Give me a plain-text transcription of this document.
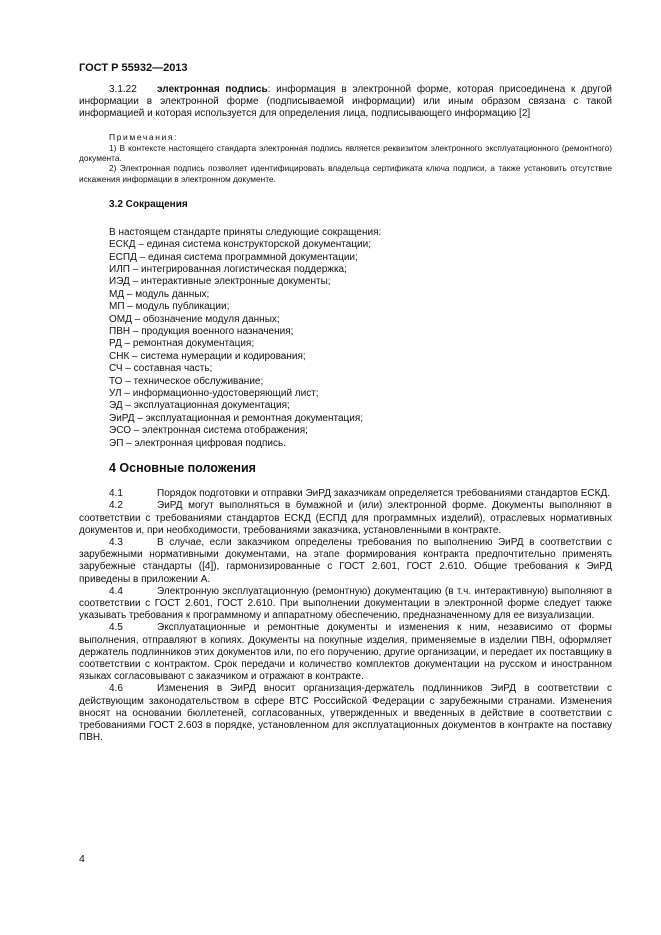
ГОСТ Р 55932—2013

3.1.22 электронная подпись: информация в электронной форме, которая присоединена к другой информации в электронной форме (подписываемой информации) или иным образом связана с такой информацией и которая используется для определения лица, подписывающего информацию [2]

Примечания:

1) В контексте настоящего стандарта электронная подпись является реквизитом электронного эксплуатационного (ремонтного) документа.

2) Электронная подпись позволяет идентифицировать владельца сертификата ключа подписи, а также установить отсутствие искажения информации в электронном документе.

3.2 Сокращения
В настоящем стандарте приняты следующие сокращения:
ЕСКД – единая система конструкторской документации;
ЕСПД – единая система программной документации;
ИЛП – интегрированная логистическая поддержка;
ИЭД – интерактивные электронные документы;
МД – модуль данных;
МП – модуль публикации;
ОМД – обозначение модуля данных;
ПВН – продукция военного назначения;
РД – ремонтная документация;
СНК – система нумерации и кодирования;
СЧ – составная часть;
ТО – техническое обслуживание;
УЛ – информационно-удостоверяющий лист;
ЭД – эксплуатационная документация;
ЭиРД – эксплуатационная и ремонтная документация;
ЭСО – электронная система отображения;
ЭП – электронная цифровая подпись.
4 Основные положения

4.1	Порядок подготовки и отправки ЭиРД заказчикам определяется требованиями стандартов ЕСКД.

4.2	ЭиРД могут выполняться в бумажной и (или) электронной форме. Документы выполняют в соответствии с требованиями стандартов ЕСКД (ЕСПД для программных изделий), отраслевых нормативных документов и, при необходимости, требованиями заказчика, установленными в контракте.

4.3	В случае, если заказчиком определены требования по выполнению ЭиРД в соответствии с зарубежными нормативными документами, на этапе формирования контракта предпочтительно применять зарубежные стандарты ([4]), гармонизированные с ГОСТ 2.601, ГОСТ 2.610. Общие требования к ЭиРД приведены в приложении А.

4.4	Электронную эксплуатационную (ремонтную) документацию (в т.ч. интерактивную) выполняют в соответствии с ГОСТ 2.601, ГОСТ 2.610. При выполнении документации в электронной форме следует также указывать требования к программному и аппаратному обеспечению, предназначенному для ее визуализации.

4.5	Эксплуатационные и ремонтные документы и изменения к ним, независимо от формы выполнения, отправляют в копиях. Документы на покупные изделия, применяемые в изделии ПВН, оформляет держатель подлинников этих документов или, по его поручению, другие организации, и передает их поставщику в соответствии с контрактом. Срок передачи и количество комплектов документации на русском и иностранном языках согласовывают с заказчиком и отражают в контракте.

4.6	Изменения в ЭиРД вносит организация-держатель подлинников ЭиРД в соответствии с действующим законодательством в сфере ВТС Российской Федерации с зарубежными странами. Изменения вносят на основании бюллетеней, согласованных, утвержденных и введенных в действие в соответствии с требованиями ГОСТ 2.603 в порядке, установленном для эксплуатационных документов в контракте на поставку ПВН.

4
